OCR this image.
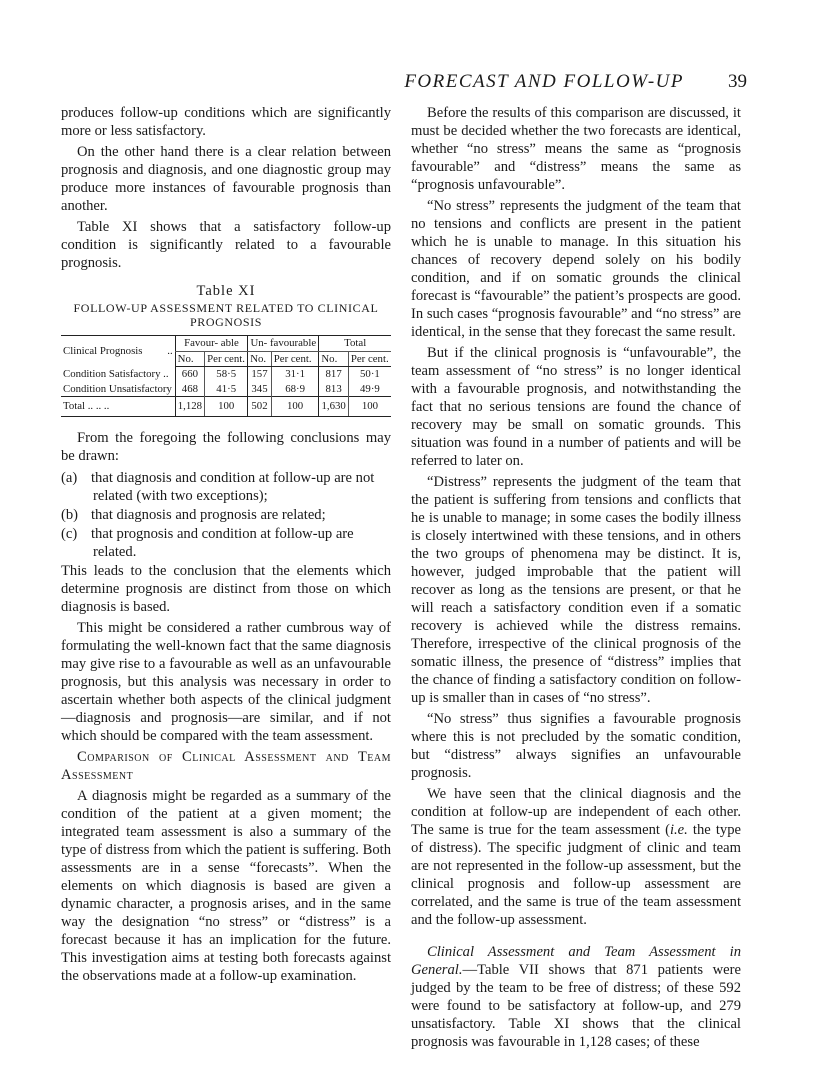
FORECAST AND FOLLOW-UP 39

produces follow-up conditions which are significantly more or less satisfactory.

On the other hand there is a clear relation between prognosis and diagnosis, and one diagnostic group may produce more instances of favourable prognosis than another.

Table XI shows that a satisfactory follow-up condition is significantly related to a favourable prognosis.

Table XI
FOLLOW-UP ASSESSMENT RELATED TO CLINICAL PROGNOSIS
Clinical Prognosis ..	Favour- able		Un- favourable		Total	
	No.	Per cent.	No.	Per cent.	No.	Per cent.
Condition Satisfactory ..	660	58·5	157	31·1	817	50·1
Condition Unsatisfactory	468	41·5	345	68·9	813	49·9
Total .. .. ..	1,128	100	502	100	1,630	100

From the foregoing the following conclusions may be drawn:

(a) that diagnosis and condition at follow-up are not related (with two exceptions);
(b) that diagnosis and prognosis are related;
(c) that prognosis and condition at follow-up are related.

This leads to the conclusion that the elements which determine prognosis are distinct from those on which diagnosis is based.

This might be considered a rather cumbrous way of formulating the well-known fact that the same diagnosis may give rise to a favourable as well as an unfavourable prognosis, but this analysis was necessary in order to ascertain whether both aspects of the clinical judgment—diagnosis and prognosis—are similar, and if not which should be compared with the team assessment.

Comparison of Clinical Assessment and Team Assessment

A diagnosis might be regarded as a summary of the condition of the patient at a given moment; the integrated team assessment is also a summary of the type of distress from which the patient is suffering. Both assessments are in a sense “forecasts”. When the elements on which diagnosis is based are given a dynamic character, a prognosis arises, and in the same way the designation “no stress” or “distress” is a forecast because it has an implication for the future. This investigation aims at testing both forecasts against the observations made at a follow-up examination.

Before the results of this comparison are discussed, it must be decided whether the two forecasts are identical, whether “no stress” means the same as “prognosis favourable” and “distress” means the same as “prognosis unfavourable”.

“No stress” represents the judgment of the team that no tensions and conflicts are present in the patient which he is unable to manage. In this situation his chances of recovery depend solely on his bodily condition, and if on somatic grounds the clinical forecast is “favourable” the patient’s prospects are good. In such cases “prognosis favourable” and “no stress” are identical, in the sense that they forecast the same result.

But if the clinical prognosis is “unfavourable”, the team assessment of “no stress” is no longer identical with a favourable prognosis, and notwithstanding the fact that no serious tensions are found the chance of recovery may be small on somatic grounds. This situation was found in a number of patients and will be referred to later on.

“Distress” represents the judgment of the team that the patient is suffering from tensions and conflicts that he is unable to manage; in some cases the bodily illness is closely intertwined with these tensions, and in others the two groups of phenomena may be distinct. It is, however, judged improbable that the patient will recover as long as the tensions are present, or that he will reach a satisfactory condition even if a somatic recovery is achieved while the distress remains. Therefore, irrespective of the clinical prognosis of the somatic illness, the presence of “distress” implies that the chance of finding a satisfactory condition on follow-up is smaller than in cases of “no stress”.

“No stress” thus signifies a favourable prognosis where this is not precluded by the somatic condition, but “distress” always signifies an unfavourable prognosis.

We have seen that the clinical diagnosis and the condition at follow-up are independent of each other. The same is true for the team assessment (i.e. the type of distress). The specific judgment of clinic and team are not represented in the follow-up assessment, but the clinical prognosis and follow-up assessment are correlated, and the same is true of the team assessment and the follow-up assessment.

Clinical Assessment and Team Assessment in General.—Table VII shows that 871 patients were judged by the team to be free of distress; of these 592 were found to be satisfactory at follow-up, and 279 unsatisfactory. Table XI shows that the clinical prognosis was favourable in 1,128 cases; of these
